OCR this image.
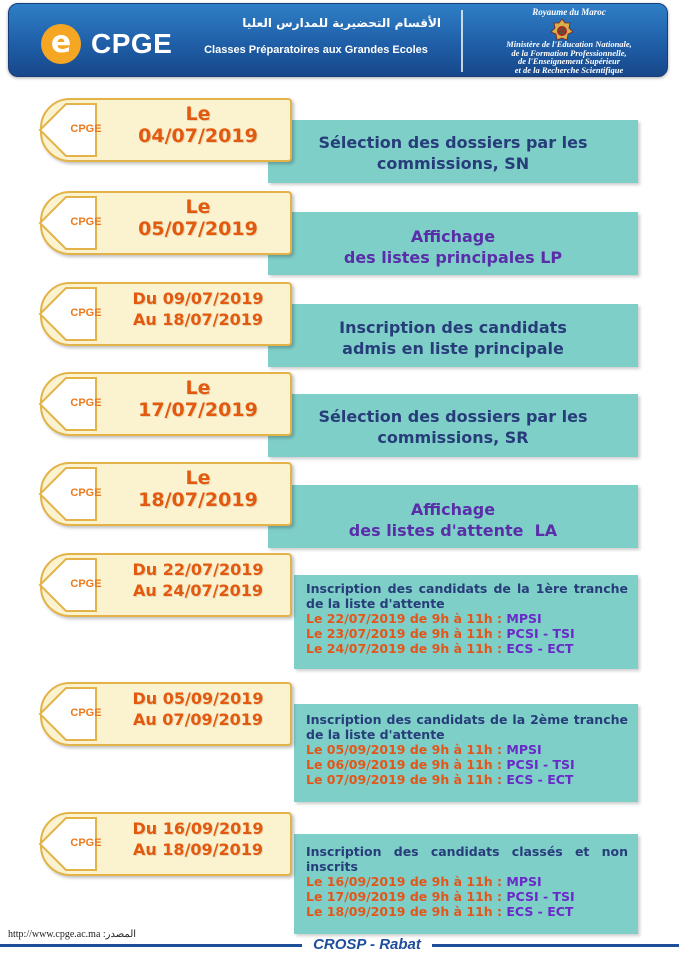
e CPGE
الأقسام التحضيرية للمدارس العليا
Classes Préparatoires aux Grandes Ecoles
Royaume du Maroc
Ministère de l'Education Nationale,
de la Formation Professionnelle,
de l'Enseignement Supérieur
et de la Recherche Scientifique
Sélection des dossiers par les
commissions, SN
CPGE
Le
04/07/2019
Affichage
des listes principales LP
CPGE
Le
05/07/2019
Inscription des candidats
admis en liste principale
CPGE
Du 09/07/2019
Au 18/07/2019
Sélection des dossiers par les
commissions, SR
CPGE
Le
17/07/2019
Affichage
des listes d'attente  LA
CPGE
Le
18/07/2019
Inscription des candidats de la 1ère tranche de la liste d'attente
Le 22/07/2019 de 9h à 11h : MPSI
Le 23/07/2019 de 9h à 11h : PCSI - TSI
Le 24/07/2019 de 9h à 11h : ECS - ECT
CPGE
Du 22/07/2019
Au 24/07/2019
Inscription des candidats de la 2ème tranche de la liste d'attente
Le 05/09/2019 de 9h à 11h : MPSI
Le 06/09/2019 de 9h à 11h : PCSI - TSI
Le 07/09/2019 de 9h à 11h : ECS - ECT
CPGE
Du 05/09/2019
Au 07/09/2019
Inscription des candidats classés et non inscrits
Le 16/09/2019 de 9h à 11h : MPSI
Le 17/09/2019 de 9h à 11h : PCSI - TSI
Le 18/09/2019 de 9h à 11h : ECS - ECT
CPGE
Du 16/09/2019
Au 18/09/2019
http://www.cpge.ac.ma :المصدر
CROSP - Rabat
